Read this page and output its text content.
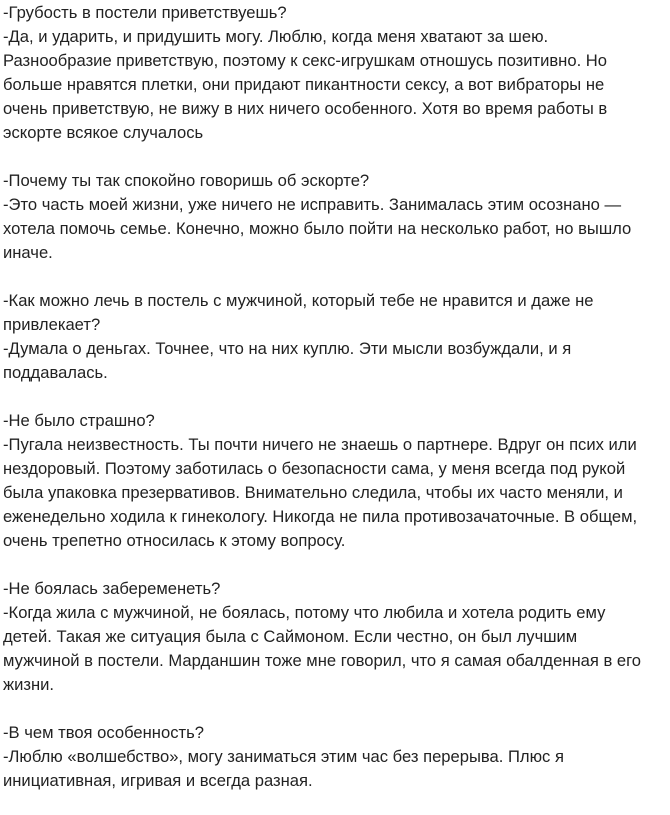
-Грубость в постели приветствуешь?
-Да, и ударить, и придушить могу. Люблю, когда меня хватают за шею.
Разнообразие приветствую, поэтому к секс-игрушкам отношусь позитивно. Но
больше нравятся плетки, они придают пикантности сексу, а вот вибраторы не
очень приветствую, не вижу в них ничего особенного. Хотя во время работы в
эскорте всякое случалось
-Почему ты так спокойно говоришь об эскорте?
-Это часть моей жизни, уже ничего не исправить. Занималась этим осознано —
хотела помочь семье. Конечно, можно было пойти на несколько работ, но вышло
иначе.
-Как можно лечь в постель с мужчиной, который тебе не нравится и даже не
привлекает?
-Думала о деньгах. Точнее, что на них куплю. Эти мысли возбуждали, и я
поддавалась.
-Не было страшно?
-Пугала неизвестность. Ты почти ничего не знаешь о партнере. Вдруг он псих или
нездоровый. Поэтому заботилась о безопасности сама, у меня всегда под рукой
была упаковка презервативов. Внимательно следила, чтобы их часто меняли, и
еженедельно ходила к гинекологу. Никогда не пила противозачаточные. В общем,
очень трепетно относилась к этому вопросу.
-Не боялась забеременеть?
-Когда жила с мужчиной, не боялась, потому что любила и хотела родить ему
детей. Такая же ситуация была с Саймоном. Если честно, он был лучшим
мужчиной в постели. Марданшин тоже мне говорил, что я самая обалденная в его
жизни.
-В чем твоя особенность?
-Люблю «волшебство», могу заниматься этим час без перерыва. Плюс я
инициативная, игривая и всегда разная.
